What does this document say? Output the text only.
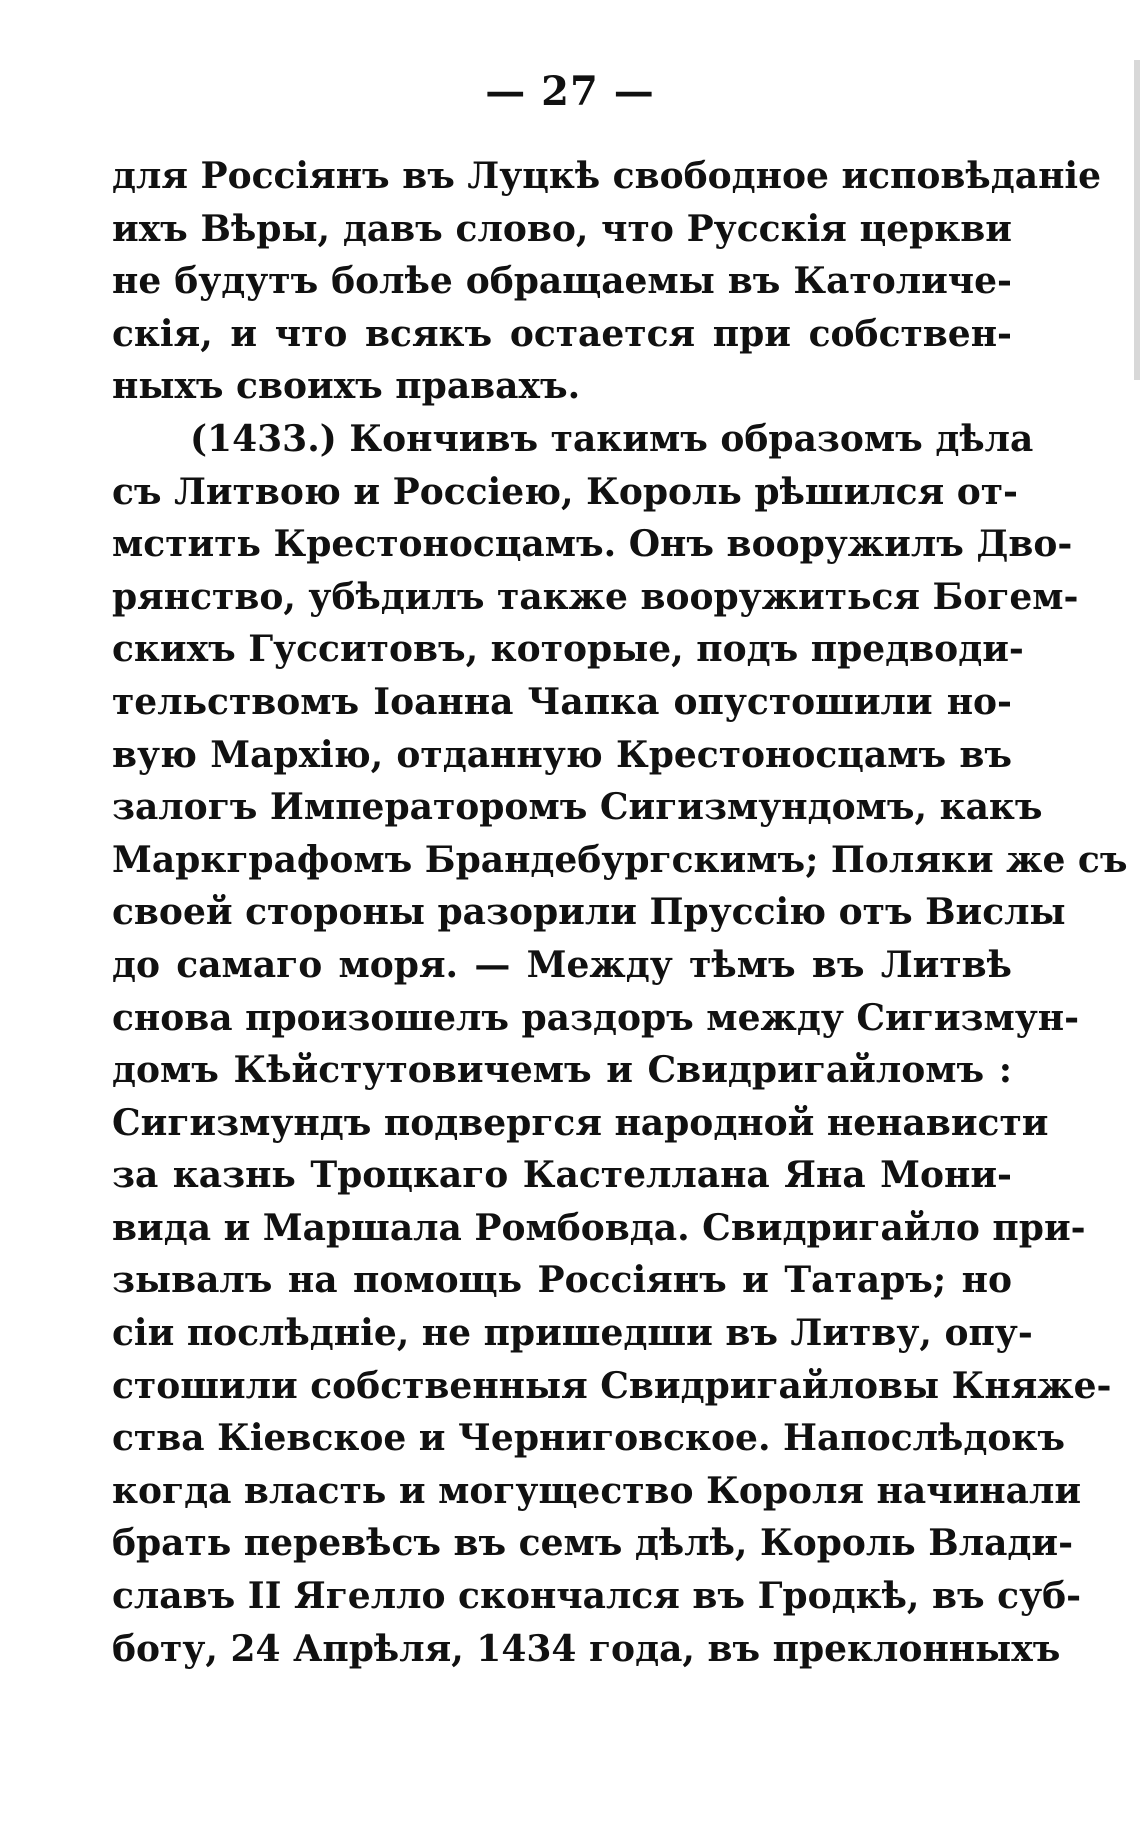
— 27 —
для Россіянъ въ Луцкѣ свободное исповѣданіе
ихъ Вѣры, давъ слово, что Русскія церкви
не будутъ болѣе обращаемы въ Католиче-
скія, и что всякъ остается при собствен-
ныхъ своихъ правахъ.
(1433.) Кончивъ такимъ образомъ дѣла
съ Литвою и Россіею, Король рѣшился от-
мстить Крестоносцамъ. Онъ вооружилъ Дво-
рянство, убѣдилъ также вооружиться Богем-
скихъ Гусситовъ, которые, подъ предводи-
тельствомъ Іоанна Чапка опустошили но-
вую Мархію, отданную Крестоносцамъ въ
залогъ Императоромъ Сигизмундомъ, какъ
Маркграфомъ Брандебургскимъ; Поляки же съ
своей стороны разорили Пруссію отъ Вислы
до самаго моря. — Между тѣмъ въ Литвѣ
снова произошелъ раздоръ между Сигизмун-
домъ Кѣйстутовичемъ и Свидригайломъ :
Сигизмундъ подвергся народной ненависти
за казнь Троцкаго Кастеллана Яна Мони-
вида и Маршала Ромбовда. Свидригайло при-
зывалъ на помощь Россіянъ и Татаръ; но
сіи послѣдніе, не пришедши въ Литву, опу-
стошили собственныя Свидригайловы Княже-
ства Кіевское и Черниговское. Напослѣдокъ
когда власть и могущество Короля начинали
брать перевѣсъ въ семъ дѣлѣ, Король Влади-
славъ II Ягелло скончался въ Гродкѣ, въ суб-
боту, 24 Апрѣля, 1434 года, въ преклонныхъ
